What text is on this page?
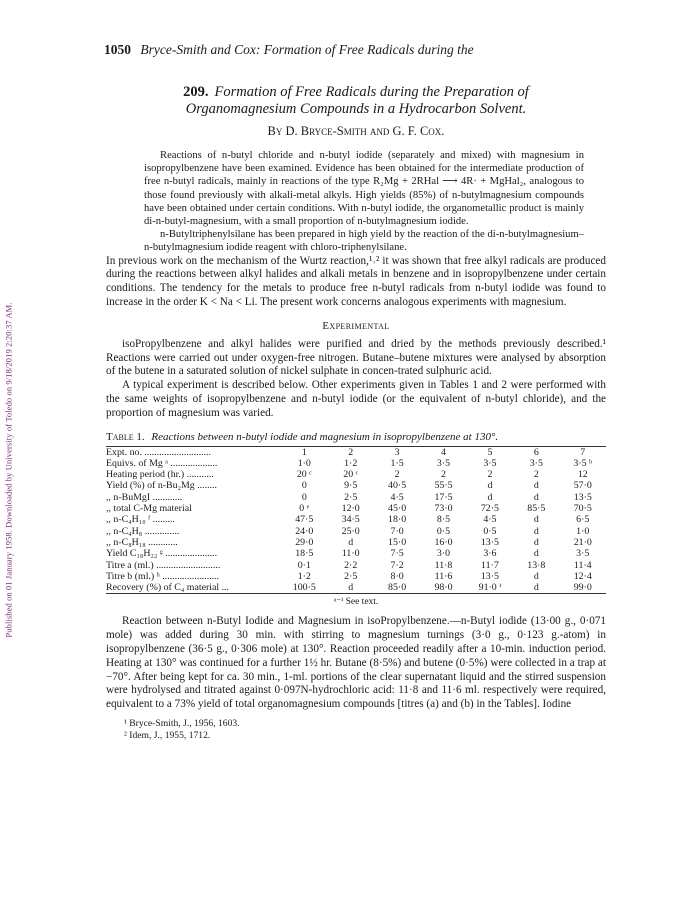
Published on 01 January 1958. Downloaded by University of Toledo on 9/18/2019 2:20:37 AM.
1050 Bryce-Smith and Cox: Formation of Free Radicals during the
209. Formation of Free Radicals during the Preparation of
Organomagnesium Compounds in a Hydrocarbon Solvent.
By D. Bryce-Smith and G. F. Cox.

Reactions of n-butyl chloride and n-butyl iodide (separately and mixed) with magnesium in isopropylbenzene have been examined. Evidence has been obtained for the intermediate production of free n-butyl radicals, mainly in reactions of the type R₂Mg + 2RHal ⟶ 4R· + MgHal₂, analogous to those found previously with alkali-metal alkyls. High yields (85%) of n-butylmagnesium compounds have been obtained under certain conditions. With n-butyl iodide, the organometallic product is mainly di-n-butyl-magnesium, with a small proportion of n-butylmagnesium iodide.

n-Butyltriphenylsilane has been prepared in high yield by the reaction of the di-n-butylmagnesium–n-butylmagnesium iodide reagent with chloro-triphenylsilane.

In previous work on the mechanism of the Wurtz reaction,¹˒² it was shown that free alkyl radicals are produced during the reactions between alkyl halides and alkali metals in benzene and in isopropylbenzene under certain conditions. The tendency for the metals to produce free n-butyl radicals from n-butyl iodide was found to increase in the order K < Na < Li. The present work concerns analogous experiments with magnesium.

Experimental

isoPropylbenzene and alkyl halides were purified and dried by the methods previously described.¹ Reactions were carried out under oxygen-free nitrogen. Butane–butene mixtures were analysed by absorption of the butene in a saturated solution of nickel sulphate in concen-trated sulphuric acid.

A typical experiment is described below. Other experiments given in Tables 1 and 2 were performed with the same weights of isopropylbenzene and n-butyl iodide (or the equivalent of n-butyl chloride), and the proportion of magnesium was varied.

Table 1. Reactions between n-butyl iodide and magnesium in isopropylbenzene at 130°.
Expt. no. ...........................	1	2	3	4	5	6	7
Equivs. of Mg ᵃ ...................	1·0	1·2	1·5	3·5	3·5	3·5	3·5 ᵇ
Heating period (hr.) ...........	20 ᶜ	20 ᶜ	2	2	2	2	12
Yield (%) of n-Bu₂Mg ........	0	9·5	40·5	55·5	d	d	57·0
,, n-BuMgI ............	0	2·5	4·5	17·5	d	d	13·5
,, total C-Mg material	0 ᵉ	12·0	45·0	73·0	72·5	85·5	70·5
,, n-C₄H₁₀ ᶠ .........	47·5	34·5	18·0	8·5	4·5	d	6·5
,, n-C₄H₈ ..............	24·0	25·0	7·0	0·5	0·5	d	1·0
,, n-C₈H₁₈ ............	29·0	d	15·0	16·0	13·5	d	21·0
Yield C₁₈H₂₂ ᵍ .....................	18·5	11·0	7·5	3·0	3·6	d	3·5
Titre a (ml.) ..........................	0·1	2·2	7·2	11·8	11·7	13·8	11·4
Titre b (ml.) ʰ .......................	1·2	2·5	8·0	11·6	13·5	d	12·4
Recovery (%) of C₄ material ...	100·5	d	85·0	98·0	91·0 ⁱ	d	99·0
ᵃ⁻ⁱ See text.

Reaction between n-Butyl Iodide and Magnesium in isoPropylbenzene.—n-Butyl iodide (13·00 g., 0·071 mole) was added during 30 min. with stirring to magnesium turnings (3·0 g., 0·123 g.-atom) in isopropylbenzene (36·5 g., 0·306 mole) at 130°. Reaction proceeded readily after a 10-min. induction period. Heating at 130° was continued for a further 1½ hr. Butane (8·5%) and butene (0·5%) were collected in a trap at −70°. After being kept for ca. 30 min., 1-ml. portions of the clear supernatant liquid and the stirred suspension were hydrolysed and titrated against 0·097N-hydrochloric acid: 11·8 and 11·6 ml. respectively were required, equivalent to a 73% yield of total organomagnesium compounds [titres (a) and (b) in the Tables]. Iodine

¹ Bryce-Smith, J., 1956, 1603.
² Idem, J., 1955, 1712.
